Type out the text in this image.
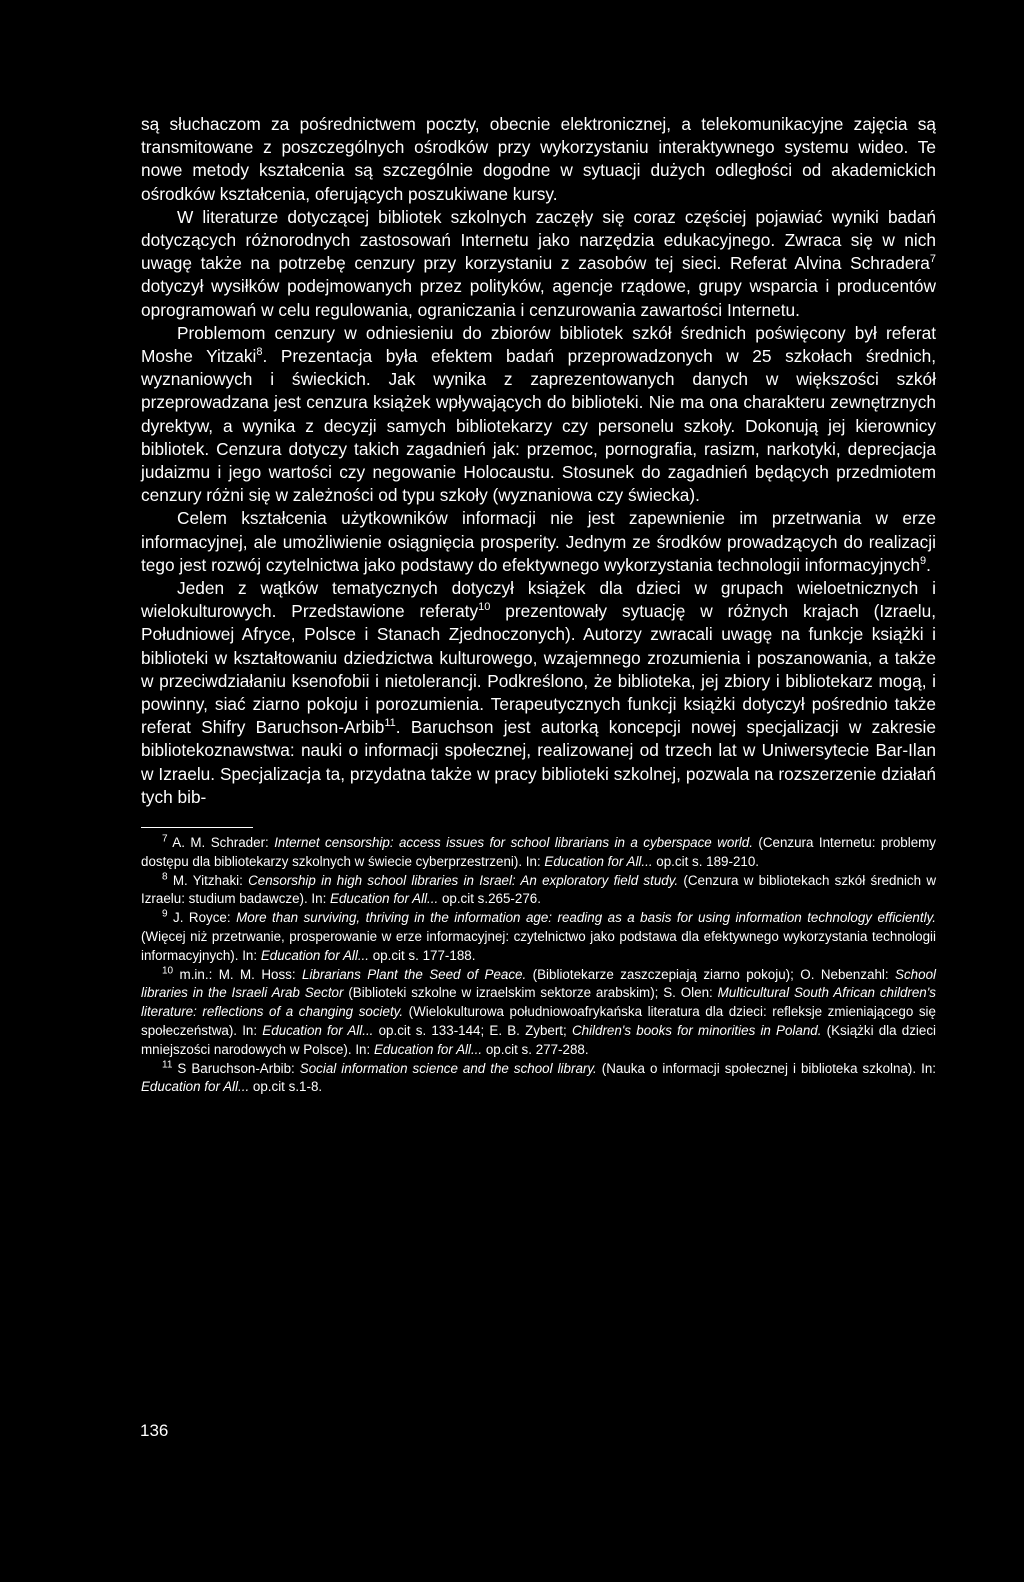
są słuchaczom za pośrednictwem poczty, obecnie elektronicznej, a telekomunikacyjne zajęcia są transmitowane z poszczególnych ośrodków przy wykorzystaniu interaktywnego systemu wideo. Te nowe metody kształcenia są szczególnie dogodne w sytuacji dużych odległości od akademickich ośrodków kształcenia, oferujących poszukiwane kursy.

W literaturze dotyczącej bibliotek szkolnych zaczęły się coraz częściej pojawiać wyniki badań dotyczących różnorodnych zastosowań Internetu jako narzędzia edukacyjnego. Zwraca się w nich uwagę także na potrzebę cenzury przy korzystaniu z zasobów tej sieci. Referat Alvina Schradera$^7$ dotyczył wysiłków podejmowanych przez polityków, agencje rządowe, grupy wsparcia i producentów oprogramowań w celu regulowania, ograniczania i cenzurowania zawartości Internetu.

Problemom cenzury w odniesieniu do zbiorów bibliotek szkół średnich poświęcony był referat Moshe Yitzaki$^8$. Prezentacja była efektem badań przeprowadzonych w 25 szkołach średnich, wyznaniowych i świeckich. Jak wynika z zaprezentowanych danych w większości szkół przeprowadzana jest cenzura książek wpływających do biblioteki. Nie ma ona charakteru zewnętrznych dyrektyw, a wynika z decyzji samych bibliotekarzy czy personelu szkoły. Dokonują jej kierownicy bibliotek. Cenzura dotyczy takich zagadnień jak: przemoc, pornografia, rasizm, narkotyki, deprecjacja judaizmu i jego wartości czy negowanie Holocaustu. Stosunek do zagadnień będących przedmiotem cenzury różni się w zależności od typu szkoły (wyznaniowa czy świecka).

Celem kształcenia użytkowników informacji nie jest zapewnienie im przetrwania w erze informacyjnej, ale umożliwienie osiągnięcia prosperity. Jednym ze środków prowadzących do realizacji tego jest rozwój czytelnictwa jako podstawy do efektywnego wykorzystania technologii informacyjnych$^9$.

Jeden z wątków tematycznych dotyczył książek dla dzieci w grupach wieloetnicznych i wielokulturowych. Przedstawione referaty$^{10}$ prezentowały sytuację w różnych krajach (Izraelu, Południowej Afryce, Polsce i Stanach Zjednoczonych). Autorzy zwracali uwagę na funkcje książki i biblioteki w kształtowaniu dziedzictwa kulturowego, wzajemnego zrozumienia i poszanowania, a także w przeciwdziałaniu ksenofobii i nietolerancji. Podkreślono, że biblioteka, jej zbiory i bibliotekarz mogą, i powinny, siać ziarno pokoju i porozumienia. Terapeutycznych funkcji książki dotyczył pośrednio także referat Shifry Baruchson-Arbib$^{11}$. Baruchson jest autorką koncepcji nowej specjalizacji w zakresie bibliotekoznawstwa: nauki o informacji społecznej, realizowanej od trzech lat w Uniwersytecie Bar-Ilan w Izraelu. Specjalizacja ta, przydatna także w pracy biblioteki szkolnej, pozwala na rozszerzenie działań tych bib-

$^7$ A. M. Schrader: Internet censorship: access issues for school librarians in a cyberspace world. (Cenzura Internetu: problemy dostępu dla bibliotekarzy szkolnych w świecie cyberprzestrzeni). In: Education for All... op.cit s. 189-210.

$^8$ M. Yitzhaki: Censorship in high school libraries in Israel: An exploratory field study. (Cenzura w bibliotekach szkół średnich w Izraelu: studium badawcze). In: Education for All... op.cit s.265-276.

$^9$ J. Royce: More than surviving, thriving in the information age: reading as a basis for using information technology efficiently. (Więcej niż przetrwanie, prosperowanie w erze informacyjnej: czytelnictwo jako podstawa dla efektywnego wykorzystania technologii informacyjnych). In: Education for All... op.cit s. 177-188.

$^{10}$ m.in.: M. M. Hoss: Librarians Plant the Seed of Peace. (Bibliotekarze zaszczepiają ziarno pokoju); O. Nebenzahl: School libraries in the Israeli Arab Sector (Biblioteki szkolne w izraelskim sektorze arabskim); S. Olen: Multicultural South African children's literature: reflections of a changing society. (Wielokulturowa południowoafrykańska literatura dla dzieci: refleksje zmieniającego się społeczeństwa). In: Education for All... op.cit s. 133-144; E. B. Zybert; Children's books for minorities in Poland. (Książki dla dzieci mniejszości narodowych w Polsce). In: Education for All... op.cit s. 277-288.

$^{11}$ S Baruchson-Arbib: Social information science and the school library. (Nauka o informacji społecznej i biblioteka szkolna). In: Education for All... op.cit s.1-8.

136
